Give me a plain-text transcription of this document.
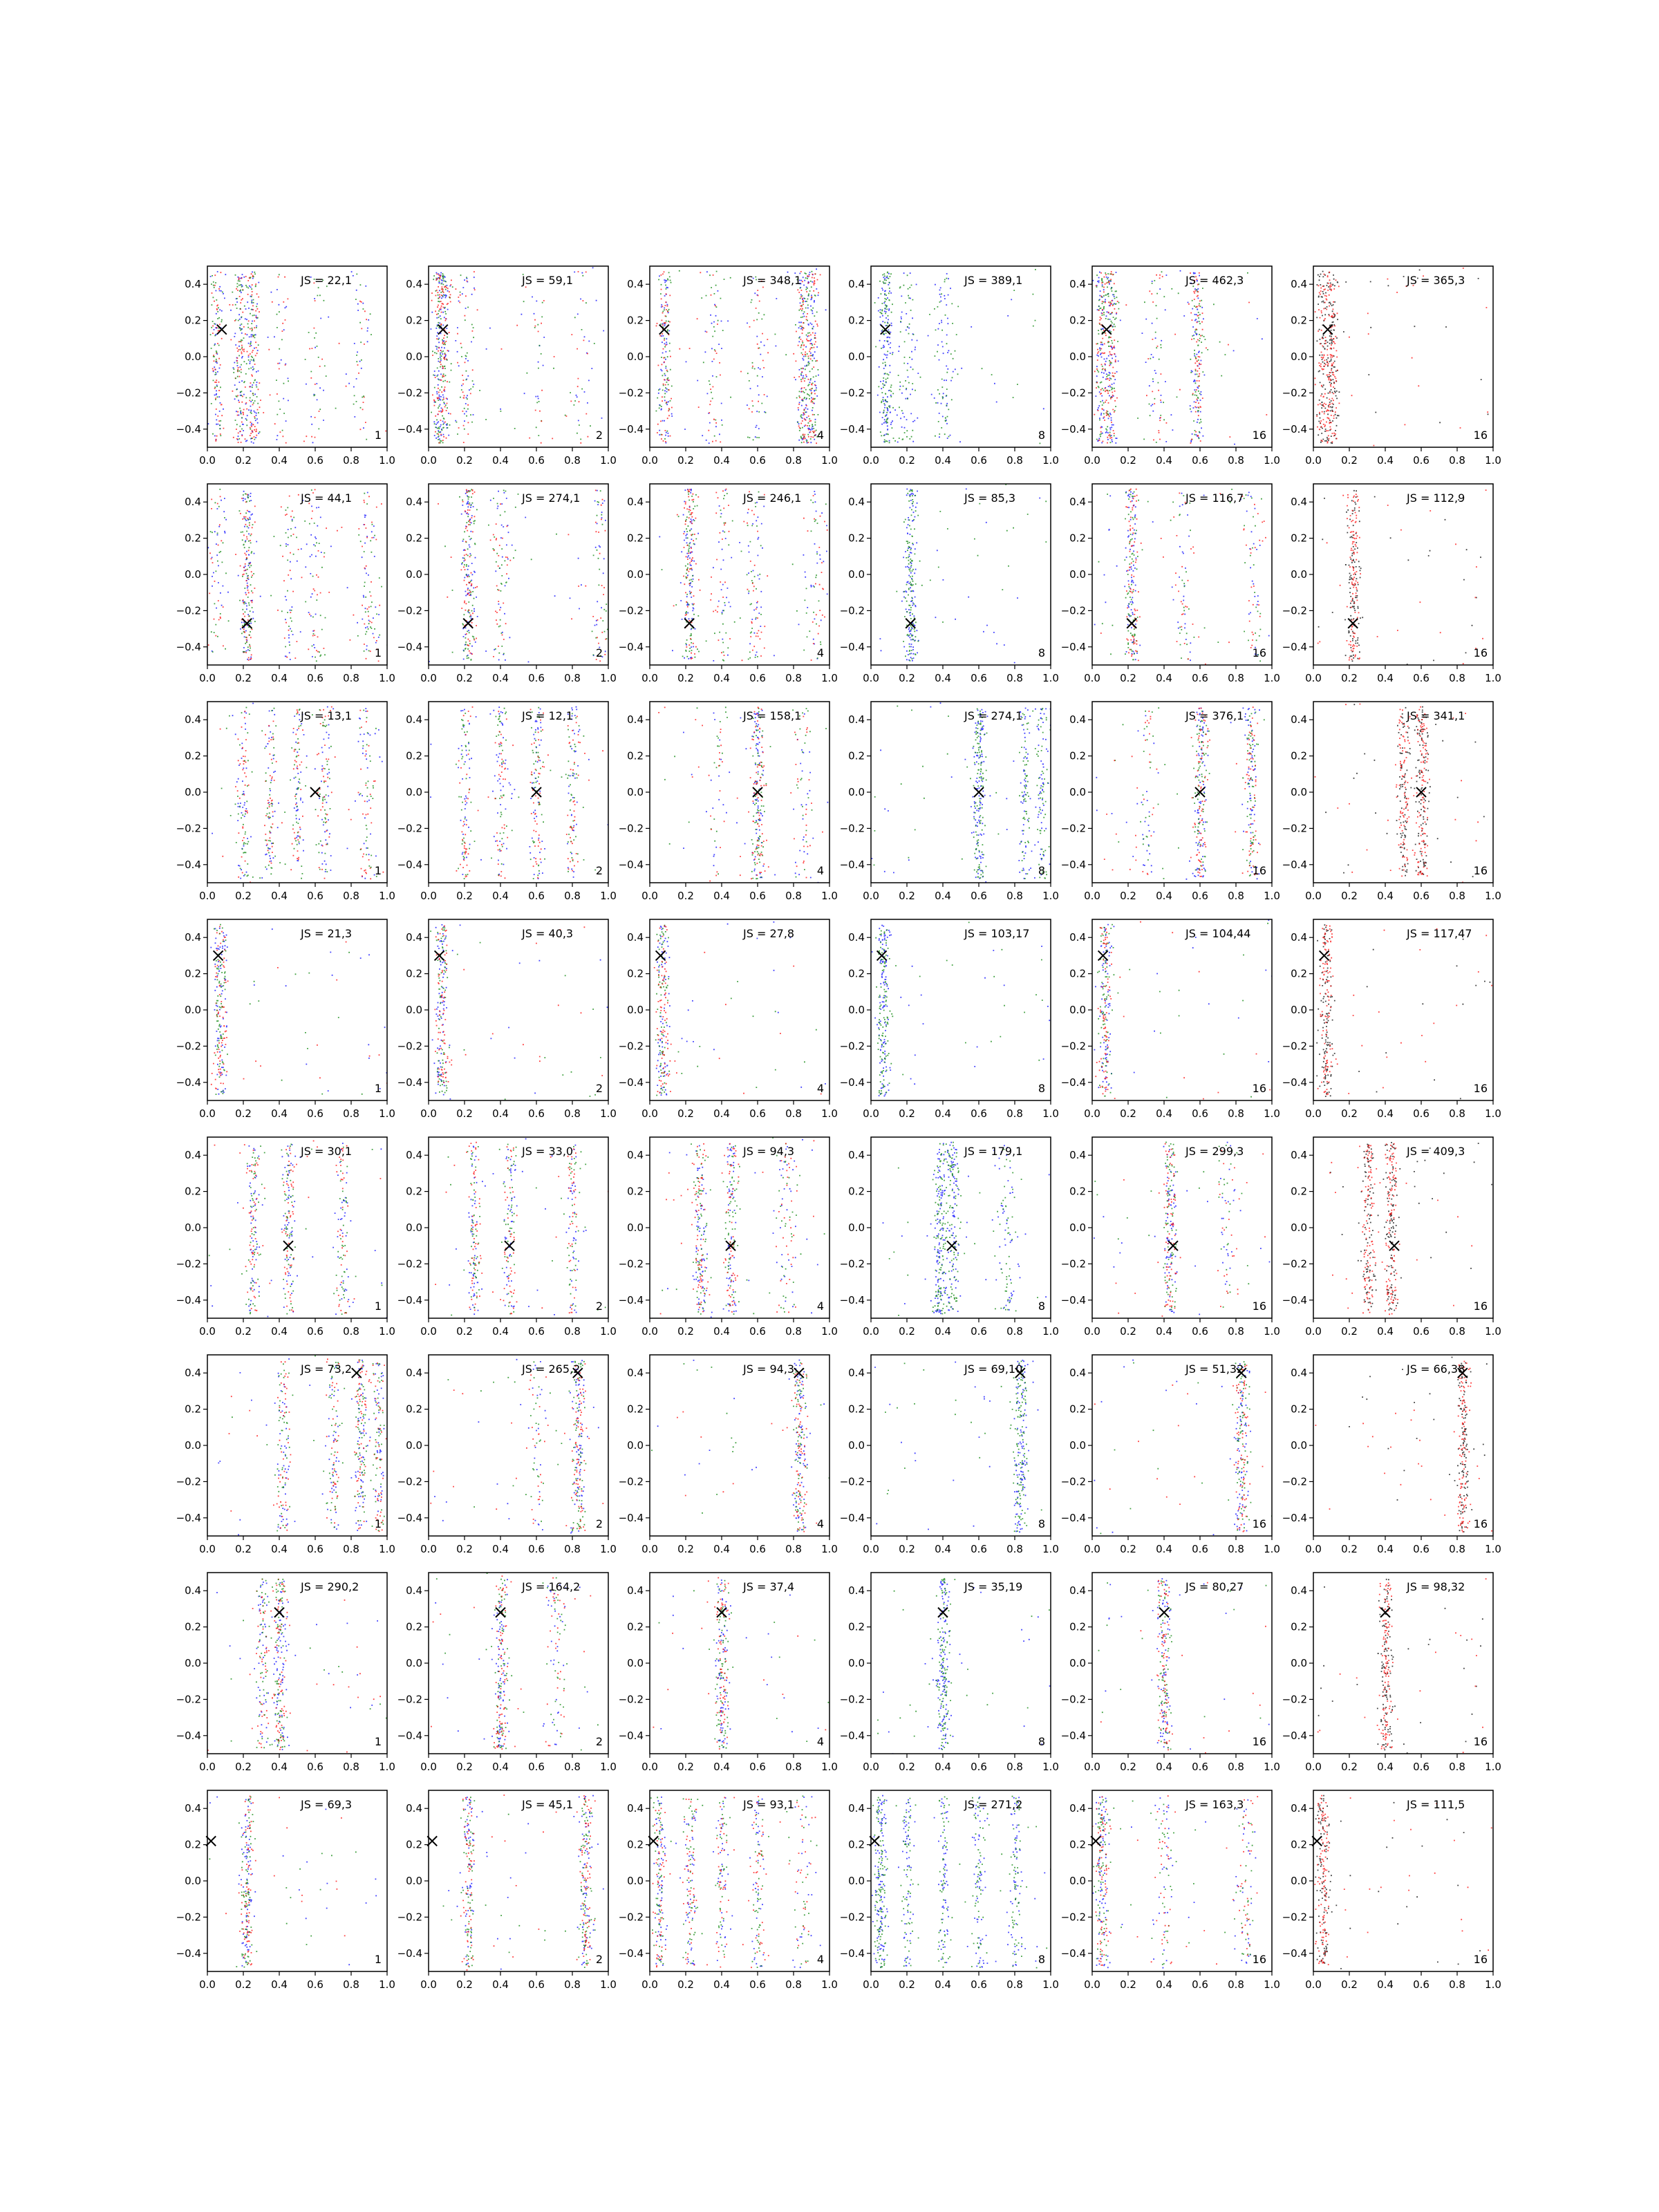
0.0 0.2 0.4 0.6 0.8 1.0
−0.4
−0.2
0.0
0.2
0.4	JS = 22,1
1
0.0 0.2 0.4 0.6 0.8 1.0
−0.4
−0.2
0.0
0.2
0.4	JS = 59,1
2
0.0 0.2 0.4 0.6 0.8 1.0
−0.4
−0.2
0.0
0.2
0.4	JS = 348,1
4
0.0 0.2 0.4 0.6 0.8 1.0
−0.4
−0.2
0.0
0.2
0.4	JS = 389,1
8
0.0 0.2 0.4 0.6 0.8 1.0
−0.4
−0.2
0.0
0.2
0.4	JS = 462,3
16
0.0 0.2 0.4 0.6 0.8 1.0
−0.4
−0.2
0.0
0.2
0.4	JS = 365,3
16
0.0 0.2 0.4 0.6 0.8 1.0
−0.4
−0.2
0.0
0.2
0.4	JS = 44,1
1
0.0 0.2 0.4 0.6 0.8 1.0
−0.4
−0.2
0.0
0.2
0.4	JS = 274,1
2
0.0 0.2 0.4 0.6 0.8 1.0
−0.4
−0.2
0.0
0.2
0.4	JS = 246,1
4
0.0 0.2 0.4 0.6 0.8 1.0
−0.4
−0.2
0.0
0.2
0.4	JS = 85,3
8
0.0 0.2 0.4 0.6 0.8 1.0
−0.4
−0.2
0.0
0.2
0.4	JS = 116,7
16
0.0 0.2 0.4 0.6 0.8 1.0
−0.4
−0.2
0.0
0.2
0.4	JS = 112,9
16
0.0 0.2 0.4 0.6 0.8 1.0
−0.4
−0.2
0.0
0.2
0.4	JS = 13,1
1
0.0 0.2 0.4 0.6 0.8 1.0
−0.4
−0.2
0.0
0.2
0.4	JS = 12,1
2
0.0 0.2 0.4 0.6 0.8 1.0
−0.4
−0.2
0.0
0.2
0.4	JS = 158,1
4
0.0 0.2 0.4 0.6 0.8 1.0
−0.4
−0.2
0.0
0.2
0.4	JS = 274,1
8
0.0 0.2 0.4 0.6 0.8 1.0
−0.4
−0.2
0.0
0.2
0.4	JS = 376,1
16
0.0 0.2 0.4 0.6 0.8 1.0
−0.4
−0.2
0.0
0.2
0.4	JS = 341,1
16
0.0 0.2 0.4 0.6 0.8 1.0
−0.4
−0.2
0.0
0.2
0.4	JS = 21,3
1
0.0 0.2 0.4 0.6 0.8 1.0
−0.4
−0.2
0.0
0.2
0.4	JS = 40,3
2
0.0 0.2 0.4 0.6 0.8 1.0
−0.4
−0.2
0.0
0.2
0.4	JS = 27,8
4
0.0 0.2 0.4 0.6 0.8 1.0
−0.4
−0.2
0.0
0.2
0.4	JS = 103,17
8
0.0 0.2 0.4 0.6 0.8 1.0
−0.4
−0.2
0.0
0.2
0.4	JS = 104,44
16
0.0 0.2 0.4 0.6 0.8 1.0
−0.4
−0.2
0.0
0.2
0.4	JS = 117,47
16
0.0 0.2 0.4 0.6 0.8 1.0
−0.4
−0.2
0.0
0.2
0.4	JS = 30,1
1
0.0 0.2 0.4 0.6 0.8 1.0
−0.4
−0.2
0.0
0.2
0.4	JS = 33,0
2
0.0 0.2 0.4 0.6 0.8 1.0
−0.4
−0.2
0.0
0.2
0.4	JS = 94,3
4
0.0 0.2 0.4 0.6 0.8 1.0
−0.4
−0.2
0.0
0.2
0.4	JS = 179,1
8
0.0 0.2 0.4 0.6 0.8 1.0
−0.4
−0.2
0.0
0.2
0.4	JS = 299,3
16
0.0 0.2 0.4 0.6 0.8 1.0
−0.4
−0.2
0.0
0.2
0.4	JS = 409,3
16
0.0 0.2 0.4 0.6 0.8 1.0
−0.4
−0.2
0.0
0.2
0.4	JS = 73,2
1
0.0 0.2 0.4 0.6 0.8 1.0
−0.4
−0.2
0.0
0.2
0.4	JS = 265,2
2
0.0 0.2 0.4 0.6 0.8 1.0
−0.4
−0.2
0.0
0.2
0.4	JS = 94,3
4
0.0 0.2 0.4 0.6 0.8 1.0
−0.4
−0.2
0.0
0.2
0.4	JS = 69,10
8
0.0 0.2 0.4 0.6 0.8 1.0
−0.4
−0.2
0.0
0.2
0.4	JS = 51,32
16
0.0 0.2 0.4 0.6 0.8 1.0
−0.4
−0.2
0.0
0.2
0.4	JS = 66,38
16
0.0 0.2 0.4 0.6 0.8 1.0
−0.4
−0.2
0.0
0.2
0.4	JS = 290,2
1
0.0 0.2 0.4 0.6 0.8 1.0
−0.4
−0.2
0.0
0.2
0.4	JS = 164,2
2
0.0 0.2 0.4 0.6 0.8 1.0
−0.4
−0.2
0.0
0.2
0.4	JS = 37,4
4
0.0 0.2 0.4 0.6 0.8 1.0
−0.4
−0.2
0.0
0.2
0.4	JS = 35,19
8
0.0 0.2 0.4 0.6 0.8 1.0
−0.4
−0.2
0.0
0.2
0.4	JS = 80,27
16
0.0 0.2 0.4 0.6 0.8 1.0
−0.4
−0.2
0.0
0.2
0.4	JS = 98,32
16
0.0 0.2 0.4 0.6 0.8 1.0
−0.4
−0.2
0.0
0.2
0.4	JS = 69,3
1
0.0 0.2 0.4 0.6 0.8 1.0
−0.4
−0.2
0.0
0.2
0.4	JS = 45,1
2
0.0 0.2 0.4 0.6 0.8 1.0
−0.4
−0.2
0.0
0.2
0.4	JS = 93,1
4
0.0 0.2 0.4 0.6 0.8 1.0
−0.4
−0.2
0.0
0.2
0.4	JS = 271,2
8
0.0 0.2 0.4 0.6 0.8 1.0
−0.4
−0.2
0.0
0.2
0.4	JS = 163,3
16
0.0 0.2 0.4 0.6 0.8 1.0
−0.4
−0.2
0.0
0.2
0.4	JS = 111,5
16
